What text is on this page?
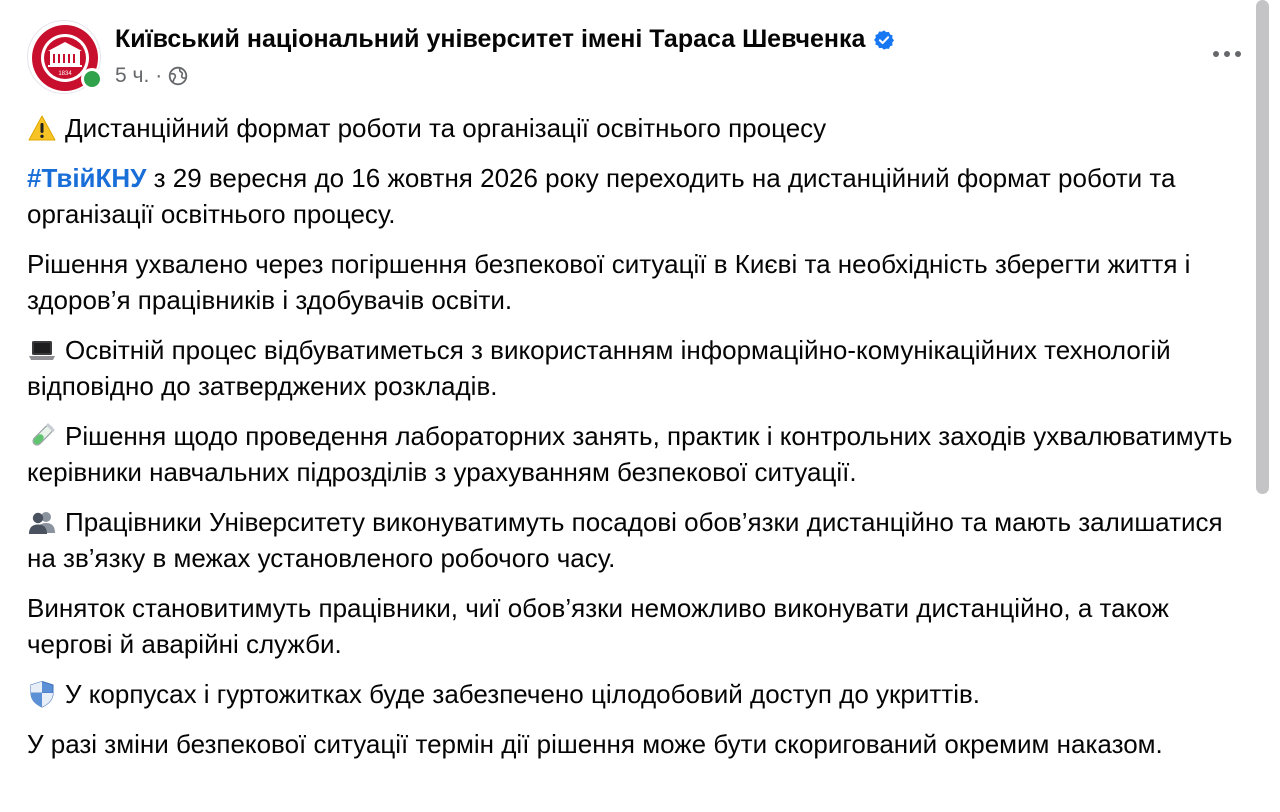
1834
Київський національний університет імені Тараса Шевченка
5 ч. ·

Дистанційний формат роботи та організації освітнього процесу

#ТвійКНУ з 29 вересня до 16 жовтня 2026 року переходить на дистанційний формат роботи та організації освітнього процесу.

Рішення ухвалено через погіршення безпекової ситуації в Києві та необхідність зберегти життя і здоров’я працівників і здобувачів освіти.

Освітній процес відбуватиметься з використанням інформаційно-комунікаційних технологій відповідно до затверджених розкладів.

Рішення щодо проведення лабораторних занять, практик і контрольних заходів ухвалюватимуть керівники навчальних підрозділів з урахуванням безпекової ситуації.

Працівники Університету виконуватимуть посадові обов’язки дистанційно та мають залишатися на зв’язку в межах установленого робочого часу.

Виняток становитимуть працівники, чиї обов’язки неможливо виконувати дистанційно, а також чергові й аварійні служби.

У корпусах і гуртожитках буде забезпечено цілодобовий доступ до укриттів.

У разі зміни безпекової ситуації термін дії рішення може бути скоригований окремим наказом.
